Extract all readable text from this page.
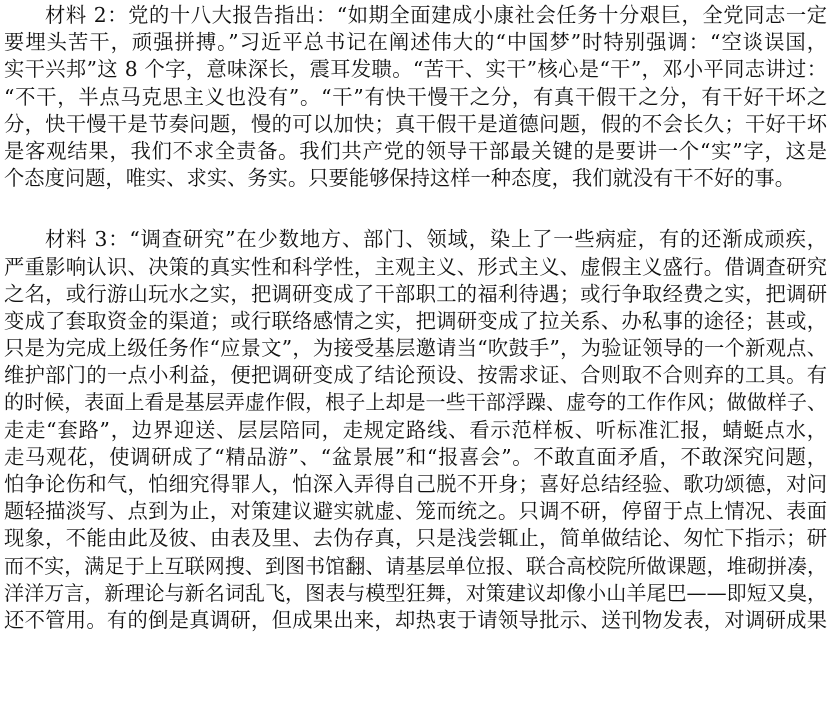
材料 2：党的十八大报告指出：“如期全面建成小康社会任务十分艰巨，全党同志一定
要埋头苦干，顽强拼搏。”习近平总书记在阐述伟大的“中国梦”时特别强调：“空谈误国，
实干兴邦”这 8 个字，意味深长，震耳发聩。“苦干、实干”核心是“干”，邓小平同志讲过：
“不干，半点马克思主义也没有”。“干”有快干慢干之分，有真干假干之分，有干好干坏之
分，快干慢干是节奏问题，慢的可以加快；真干假干是道德问题，假的不会长久；干好干坏
是客观结果，我们不求全责备。我们共产党的领导干部最关键的是要讲一个“实”字，这是
个态度问题，唯实、求实、务实。只要能够保持这样一种态度，我们就没有干不好的事。
材料 3：“调查研究”在少数地方、部门、领域，染上了一些病症，有的还渐成顽疾，
严重影响认识、决策的真实性和科学性，主观主义、形式主义、虚假主义盛行。借调查研究
之名，或行游山玩水之实，把调研变成了干部职工的福利待遇；或行争取经费之实，把调研
变成了套取资金的渠道；或行联络感情之实，把调研变成了拉关系、办私事的途径；甚或，
只是为完成上级任务作“应景文”，为接受基层邀请当“吹鼓手”，为验证领导的一个新观点、
维护部门的一点小利益，便把调研变成了结论预设、按需求证、合则取不合则弃的工具。有
的时候，表面上看是基层弄虚作假，根子上却是一些干部浮躁、虚夸的工作作风；做做样子、
走走“套路”，边界迎送、层层陪同，走规定路线、看示范样板、听标准汇报，蜻蜓点水，
走马观花，使调研成了“精品游”、“盆景展”和“报喜会”。不敢直面矛盾，不敢深究问题，
怕争论伤和气，怕细究得罪人，怕深入弄得自己脱不开身；喜好总结经验、歌功颂德，对问
题轻描淡写、点到为止，对策建议避实就虚、笼而统之。只调不研，停留于点上情况、表面
现象，不能由此及彼、由表及里、去伪存真，只是浅尝辄止，简单做结论、匆忙下指示；研
而不实，满足于上互联网搜、到图书馆翻、请基层单位报、联合高校院所做课题，堆砌拼凑，
洋洋万言，新理论与新名词乱飞，图表与模型狂舞，对策建议却像小山羊尾巴——即短又臭，
还不管用。有的倒是真调研，但成果出来，却热衷于请领导批示、送刊物发表，对调研成果
